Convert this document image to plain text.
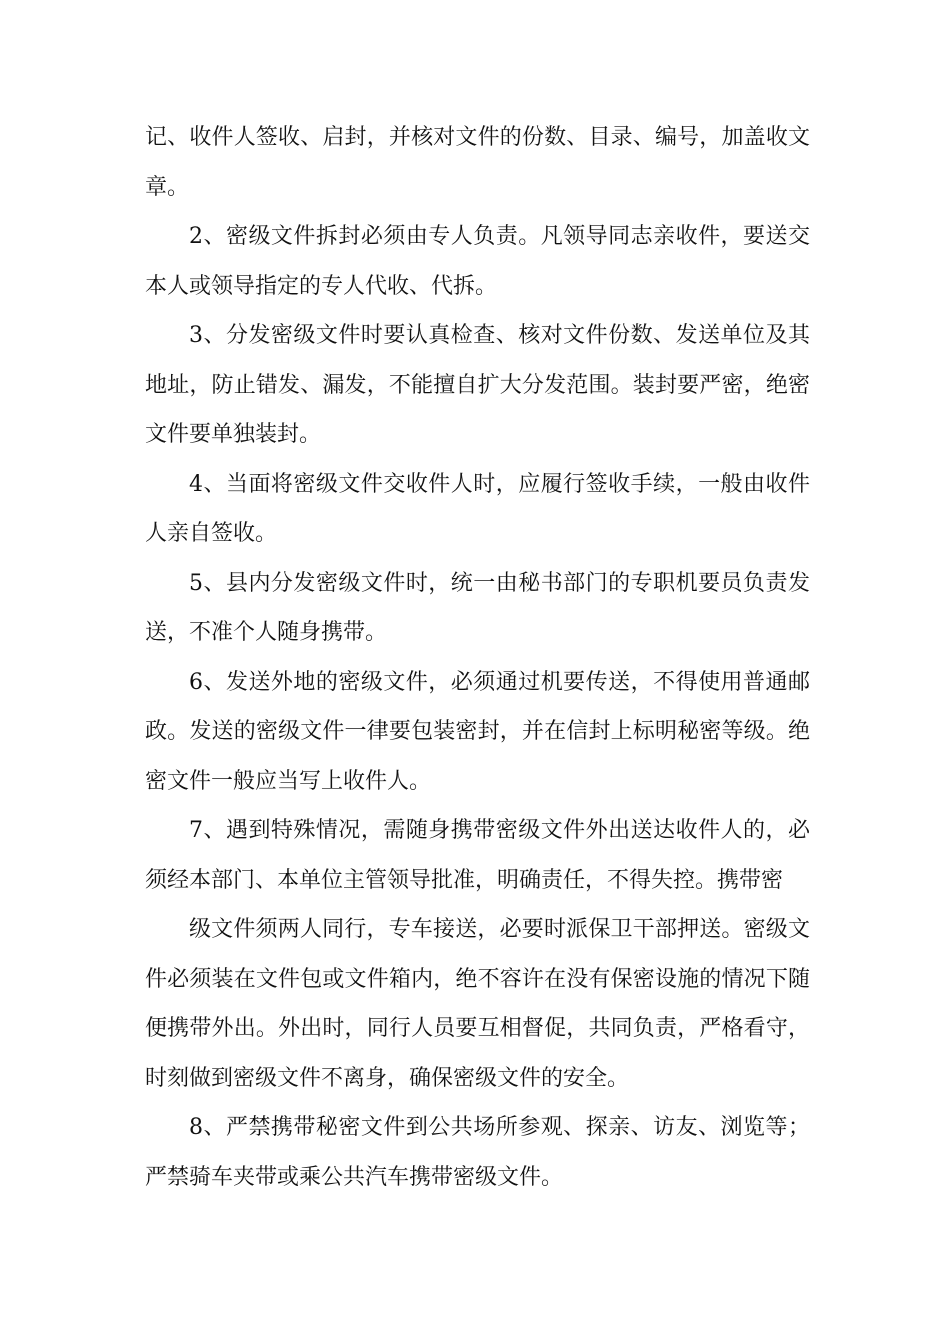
记、收件人签收、启封，并核对文件的份数、目录、编号，加盖收文章。

2、密级文件拆封必须由专人负责。凡领导同志亲收件，要送交本人或领导指定的专人代收、代拆。

3、分发密级文件时要认真检查、核对文件份数、发送单位及其地址，防止错发、漏发，不能擅自扩大分发范围。装封要严密，绝密文件要单独装封。

4、当面将密级文件交收件人时，应履行签收手续，一般由收件人亲自签收。

5、县内分发密级文件时，统一由秘书部门的专职机要员负责发送，不准个人随身携带。

6、发送外地的密级文件，必须通过机要传送，不得使用普通邮政。发送的密级文件一律要包装密封，并在信封上标明秘密等级。绝密文件一般应当写上收件人。

7、遇到特殊情况，需随身携带密级文件外出送达收件人的，必须经本部门、本单位主管领导批准，明确责任，不得失控。携带密

级文件须两人同行，专车接送，必要时派保卫干部押送。密级文件必须装在文件包或文件箱内，绝不容许在没有保密设施的情况下随便携带外出。外出时，同行人员要互相督促，共同负责，严格看守，时刻做到密级文件不离身，确保密级文件的安全。

8、严禁携带秘密文件到公共场所参观、探亲、访友、浏览等；严禁骑车夹带或乘公共汽车携带密级文件。
